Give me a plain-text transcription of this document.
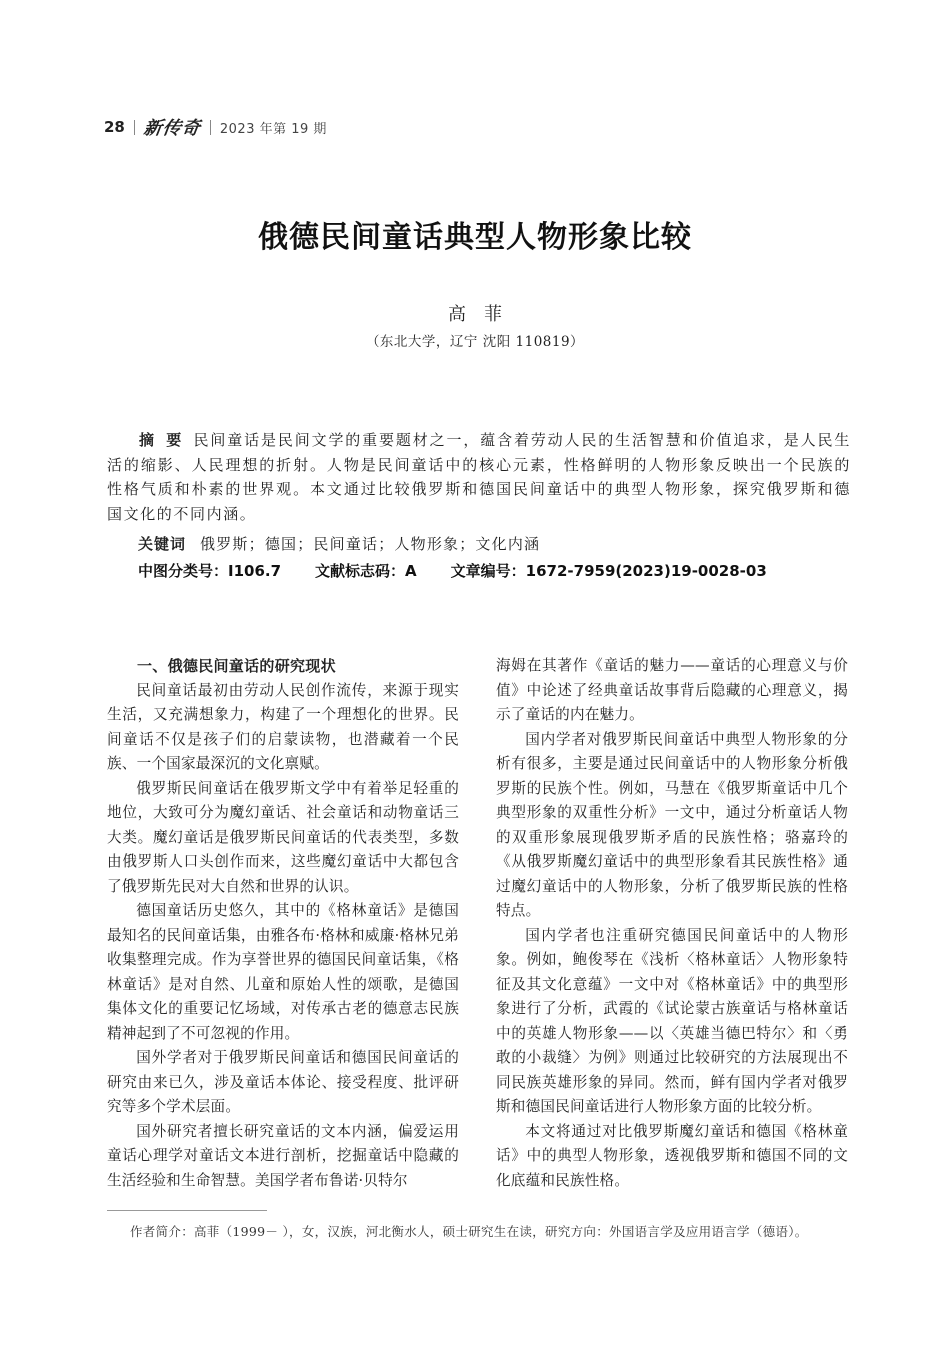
28 新传奇 2023 年第 19 期
俄德民间童话典型人物形象比较
高菲
（东北大学，辽宁 沈阳 110819）
摘要民间童话是民间文学的重要题材之一，蕴含着劳动人民的生活智慧和价值追求，是人民生活的缩影、人民理想的折射。人物是民间童话中的核心元素，性格鲜明的人物形象反映出一个民族的性格气质和朴素的世界观。本文通过比较俄罗斯和德国民间童话中的典型人物形象，探究俄罗斯和德国文化的不同内涵。
关键词 俄罗斯；德国；民间童话；人物形象；文化内涵
中图分类号：I106.7 文献标志码：A 文章编号：1672-7959(2023)19-0028-03

一、俄德民间童话的研究现状

民间童话最初由劳动人民创作流传，来源于现实生活，又充满想象力，构建了一个理想化的世界。民间童话不仅是孩子们的启蒙读物，也潜藏着一个民族、一个国家最深沉的文化禀赋。

俄罗斯民间童话在俄罗斯文学中有着举足轻重的地位，大致可分为魔幻童话、社会童话和动物童话三大类。魔幻童话是俄罗斯民间童话的代表类型，多数由俄罗斯人口头创作而来，这些魔幻童话中大都包含了俄罗斯先民对大自然和世界的认识。

德国童话历史悠久，其中的《格林童话》是德国最知名的民间童话集，由雅各布·格林和威廉·格林兄弟收集整理完成。作为享誉世界的德国民间童话集，《格林童话》是对自然、儿童和原始人性的颂歌，是德国集体文化的重要记忆场域，对传承古老的德意志民族精神起到了不可忽视的作用。

国外学者对于俄罗斯民间童话和德国民间童话的研究由来已久，涉及童话本体论、接受程度、批评研究等多个学术层面。

国外研究者擅长研究童话的文本内涵，偏爱运用童话心理学对童话文本进行剖析，挖掘童话中隐藏的生活经验和生命智慧。美国学者布鲁诺·贝特尔

海姆在其著作《童话的魅力——童话的心理意义与价值》中论述了经典童话故事背后隐藏的心理意义，揭示了童话的内在魅力。

国内学者对俄罗斯民间童话中典型人物形象的分析有很多，主要是通过民间童话中的人物形象分析俄罗斯的民族个性。例如，马慧在《俄罗斯童话中几个典型形象的双重性分析》一文中，通过分析童话人物的双重形象展现俄罗斯矛盾的民族性格；骆嘉玲的《从俄罗斯魔幻童话中的典型形象看其民族性格》通过魔幻童话中的人物形象，分析了俄罗斯民族的性格特点。

国内学者也注重研究德国民间童话中的人物形象。例如，鲍俊琴在《浅析〈格林童话〉人物形象特征及其文化意蕴》一文中对《格林童话》中的典型形象进行了分析，武霞的《试论蒙古族童话与格林童话中的英雄人物形象——以〈英雄当德巴特尔〉和〈勇敢的小裁缝〉为例》则通过比较研究的方法展现出不同民族英雄形象的异同。然而，鲜有国内学者对俄罗斯和德国民间童话进行人物形象方面的比较分析。

本文将通过对比俄罗斯魔幻童话和德国《格林童话》中的典型人物形象，透视俄罗斯和德国不同的文化底蕴和民族性格。

作者简介：高菲（1999－ ），女，汉族，河北衡水人，硕士研究生在读，研究方向：外国语言学及应用语言学（德语）。
